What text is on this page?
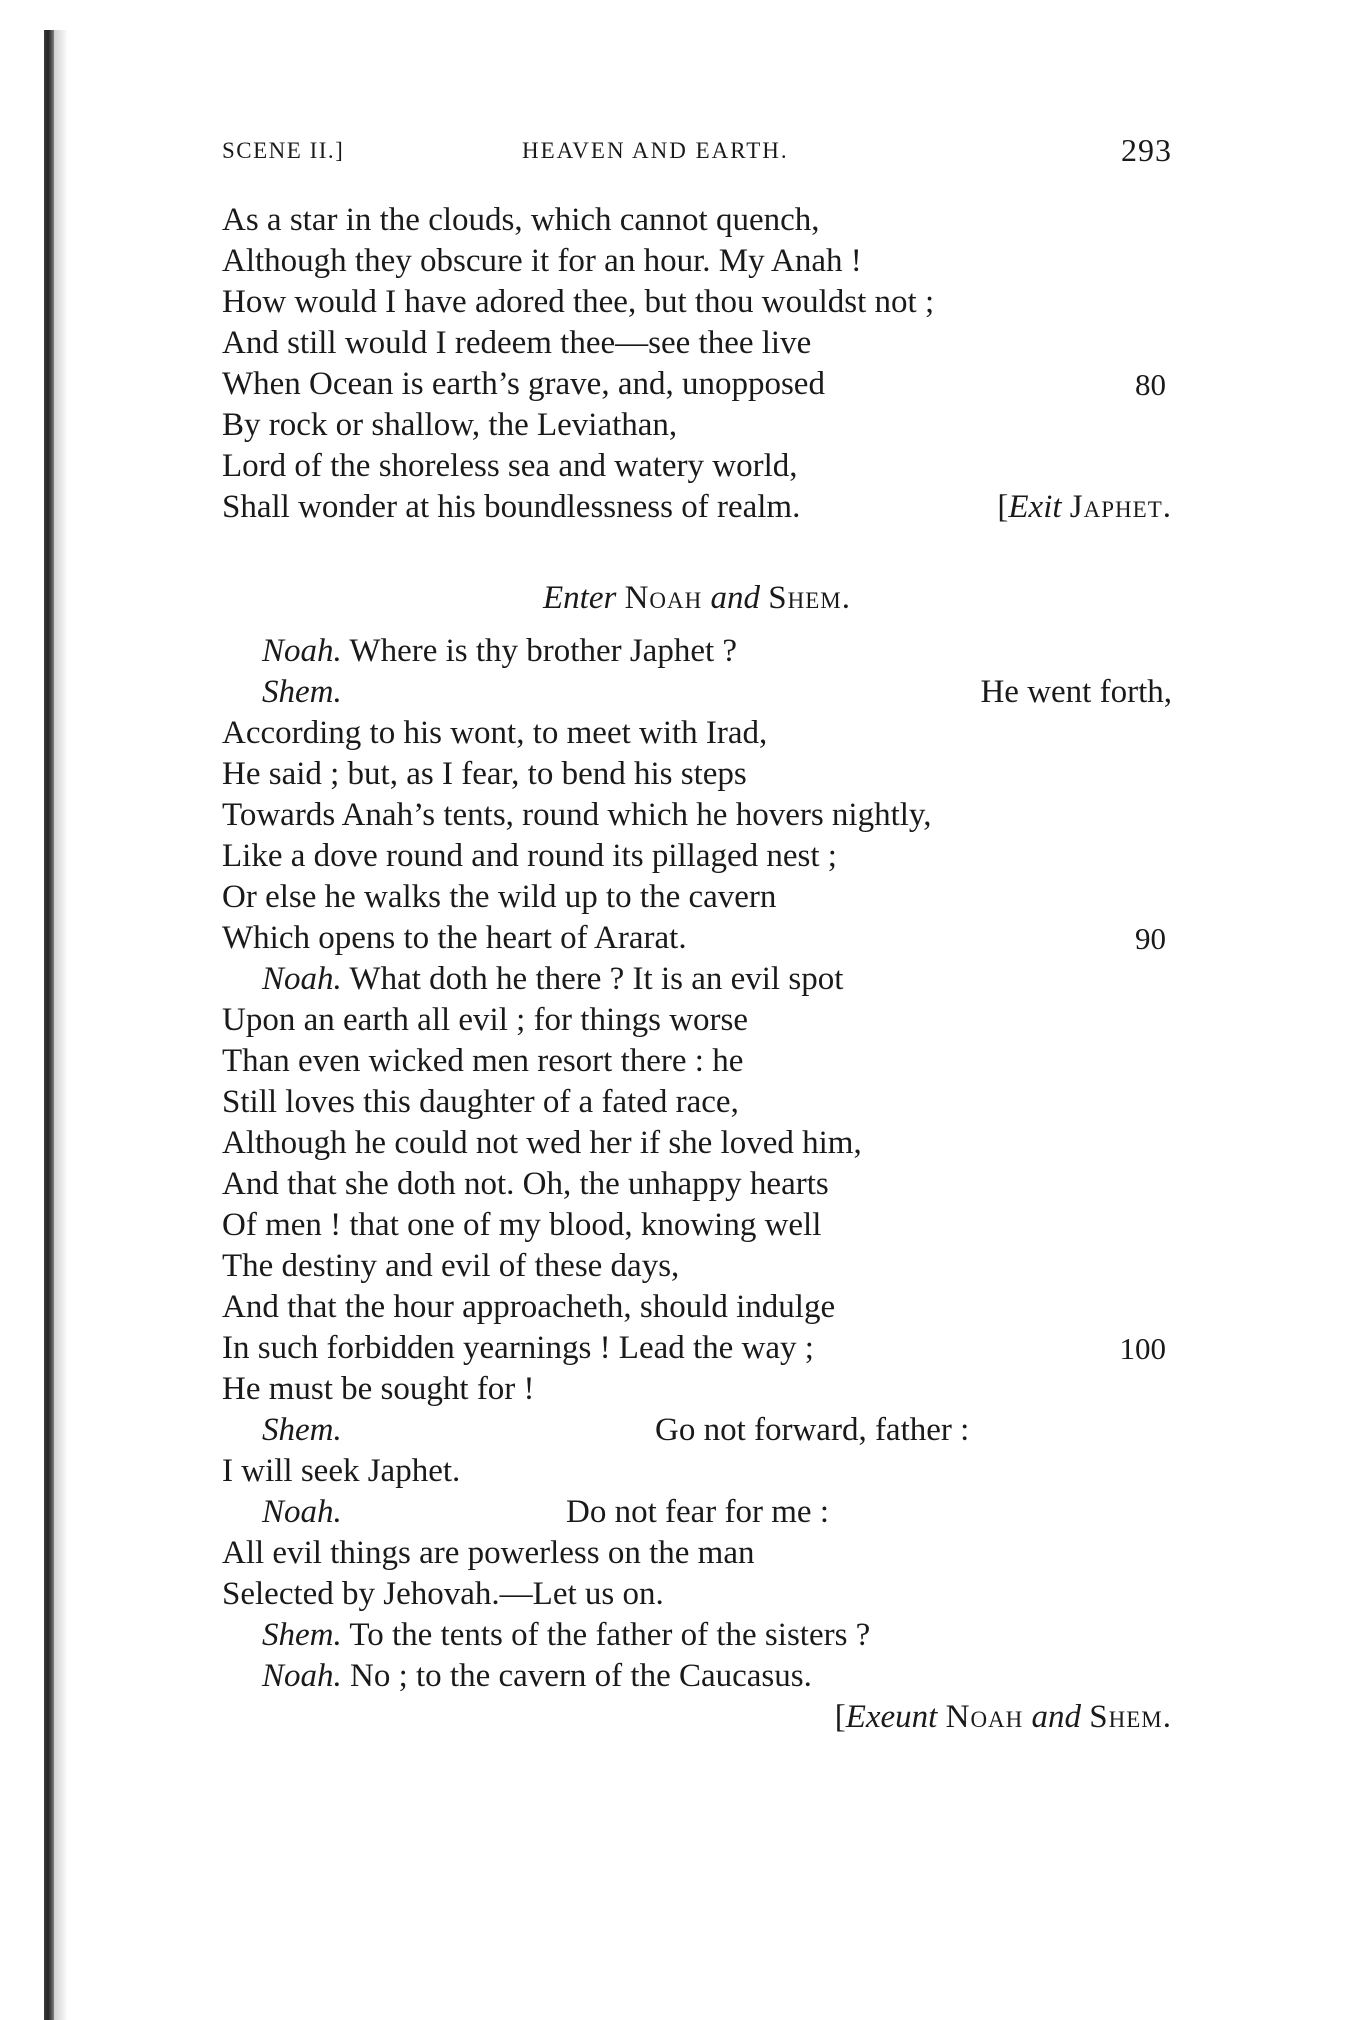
SCENE II.]	HEAVEN AND EARTH.	293
As a star in the clouds, which cannot quench,
Although they obscure it for an hour. My Anah !
How would I have adored thee, but thou wouldst not ;
And still would I redeem thee—see thee live
When Ocean is earth’s grave, and, unopposed	80
By rock or shallow, the Leviathan,
Lord of the shoreless sea and watery world,
Shall wonder at his boundlessness of realm.	[Exit Japhet.
Enter Noah and Shem.
Noah. Where is thy brother Japhet ?
Shem.	He went forth,
According to his wont, to meet with Irad,
He said ; but, as I fear, to bend his steps
Towards Anah’s tents, round which he hovers nightly,
Like a dove round and round its pillaged nest ;
Or else he walks the wild up to the cavern
Which opens to the heart of Ararat.	90
Noah. What doth he there ? It is an evil spot
Upon an earth all evil ; for things worse
Than even wicked men resort there : he
Still loves this daughter of a fated race,
Although he could not wed her if she loved him,
And that she doth not. Oh, the unhappy hearts
Of men ! that one of my blood, knowing well
The destiny and evil of these days,
And that the hour approacheth, should indulge
In such forbidden yearnings ! Lead the way ;	100
He must be sought for !
Shem.	Go not forward, father :
I will seek Japhet.
Noah.	Do not fear for me :
All evil things are powerless on the man
Selected by Jehovah.—Let us on.
Shem. To the tents of the father of the sisters ?
Noah. No ; to the cavern of the Caucasus.
[Exeunt Noah and Shem.
